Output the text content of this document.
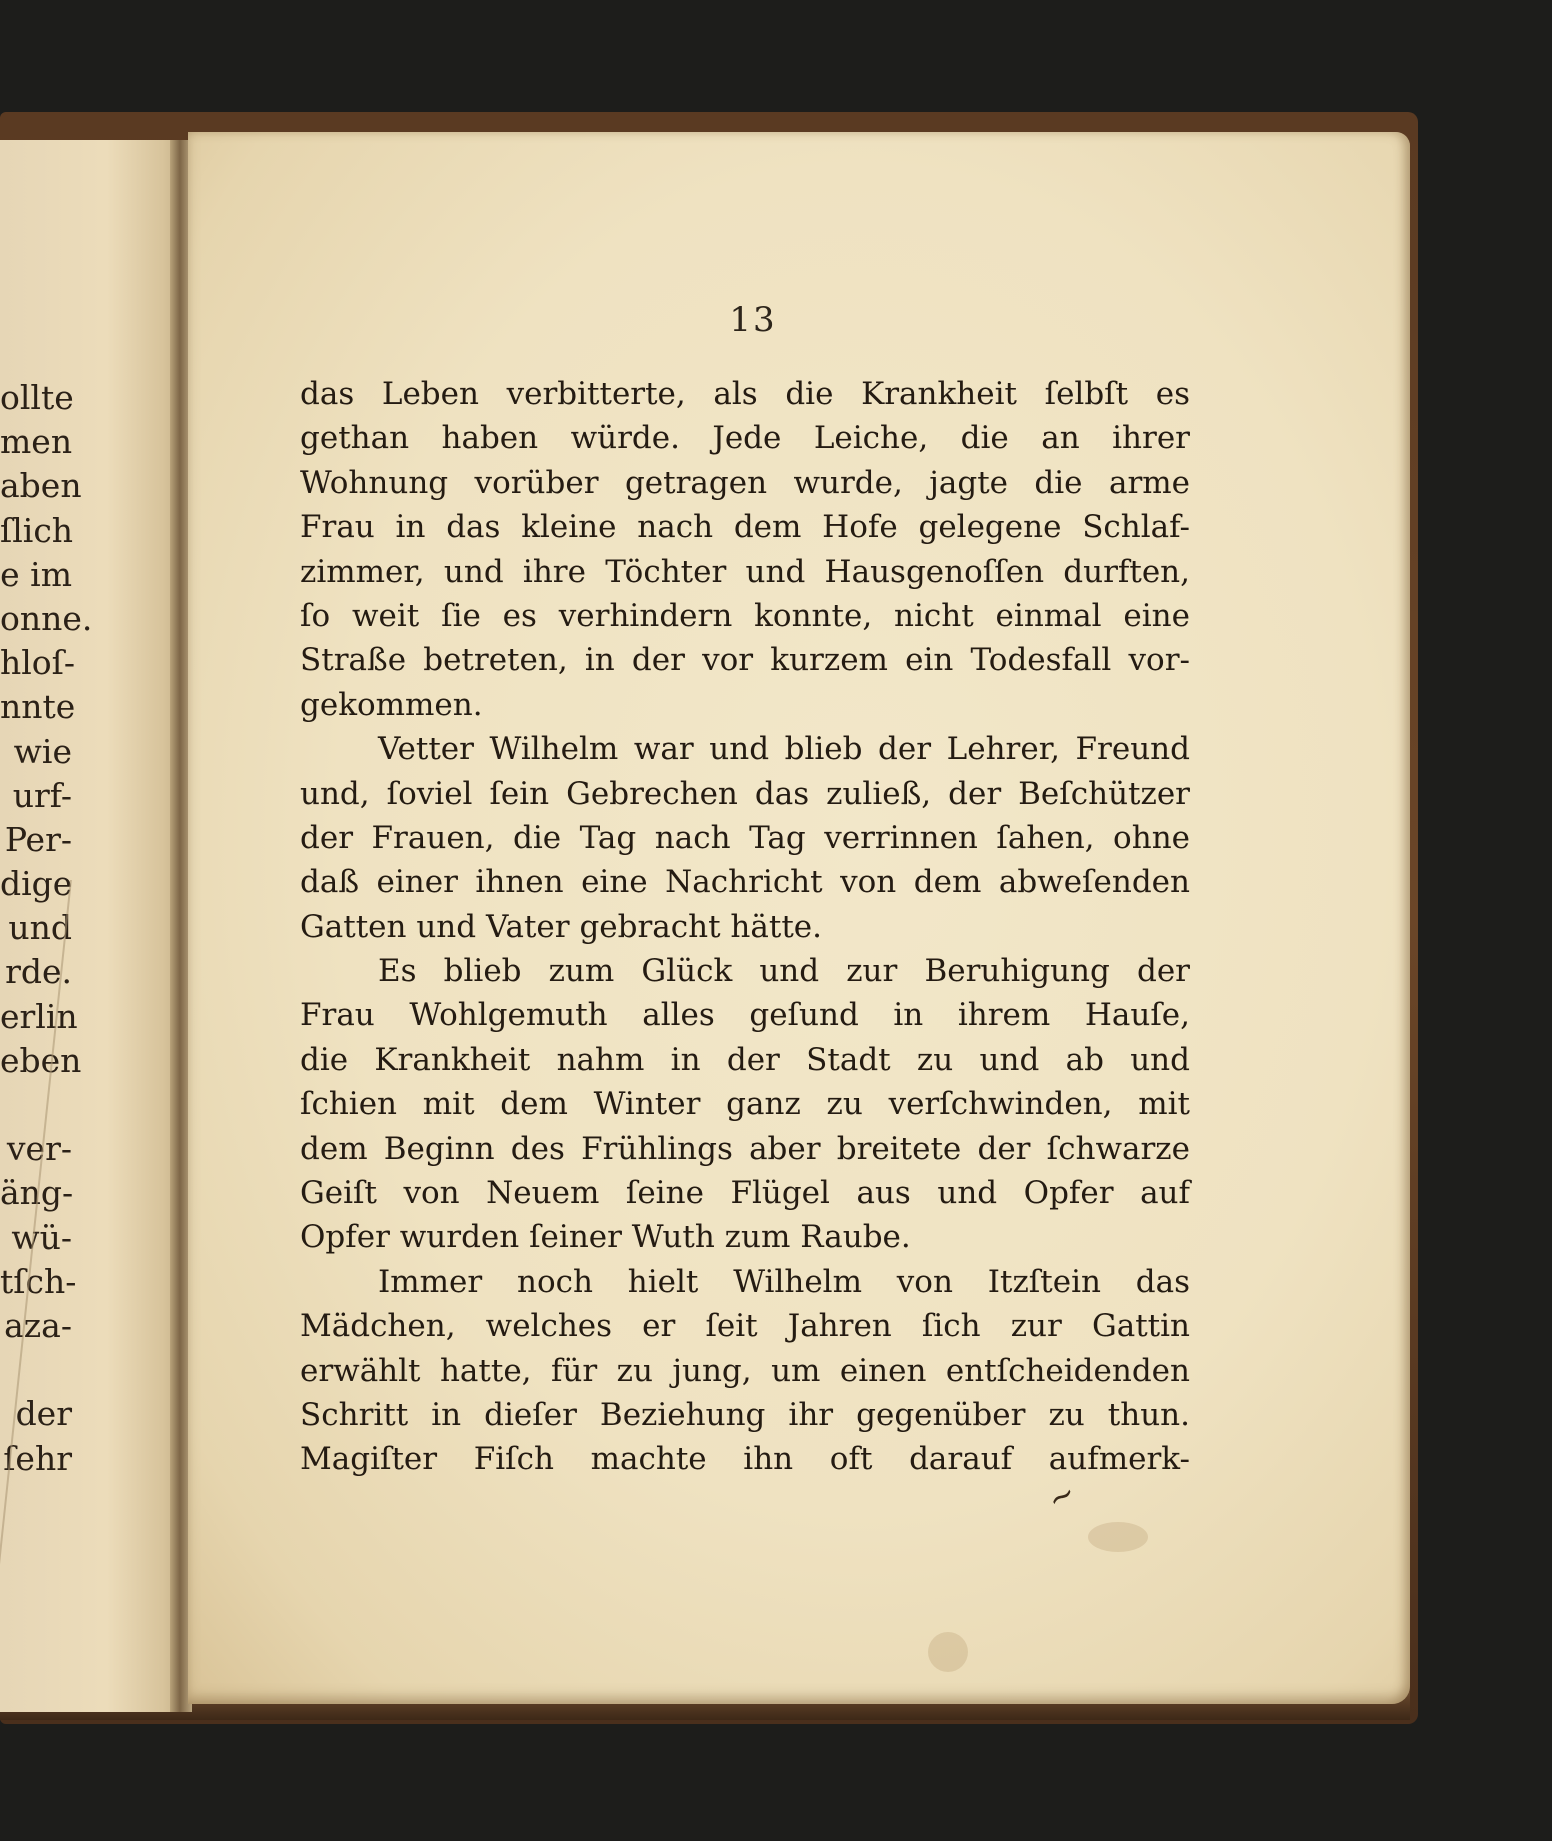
ollte
men
aben
ſlich
e im
onne.
hloſ-
nnte
wie
urf-
Per-
dige
und
rde.
erlin
eben
ver-
äng-
wü-
tſch-
aza-
der
ſehr
13
das Leben verbitterte, als die Krankheit ſelbſt es
gethan haben würde. Jede Leiche, die an ihrer
Wohnung vorüber getragen wurde, jagte die arme
Frau in das kleine nach dem Hofe gelegene Schlaf-
zimmer, und ihre Töchter und Hausgenoſſen durften,
ſo weit ſie es verhindern konnte, nicht einmal eine
Straße betreten, in der vor kurzem ein Todesfall vor-
gekommen.
Vetter Wilhelm war und blieb der Lehrer, Freund
und, ſoviel ſein Gebrechen das zuließ, der Beſchützer
der Frauen, die Tag nach Tag verrinnen ſahen, ohne
daß einer ihnen eine Nachricht von dem abweſenden
Gatten und Vater gebracht hätte.
Es blieb zum Glück und zur Beruhigung der
Frau Wohlgemuth alles geſund in ihrem Hauſe,
die Krankheit nahm in der Stadt zu und ab und
ſchien mit dem Winter ganz zu verſchwinden, mit
dem Beginn des Frühlings aber breitete der ſchwarze
Geiſt von Neuem ſeine Flügel aus und Opfer auf
Opfer wurden ſeiner Wuth zum Raube.
Immer noch hielt Wilhelm von Itzſtein das
Mädchen, welches er ſeit Jahren ſich zur Gattin
erwählt hatte, für zu jung, um einen entſcheidenden
Schritt in dieſer Beziehung ihr gegenüber zu thun.
Magiſter Fiſch machte ihn oft darauf aufmerk-
~
